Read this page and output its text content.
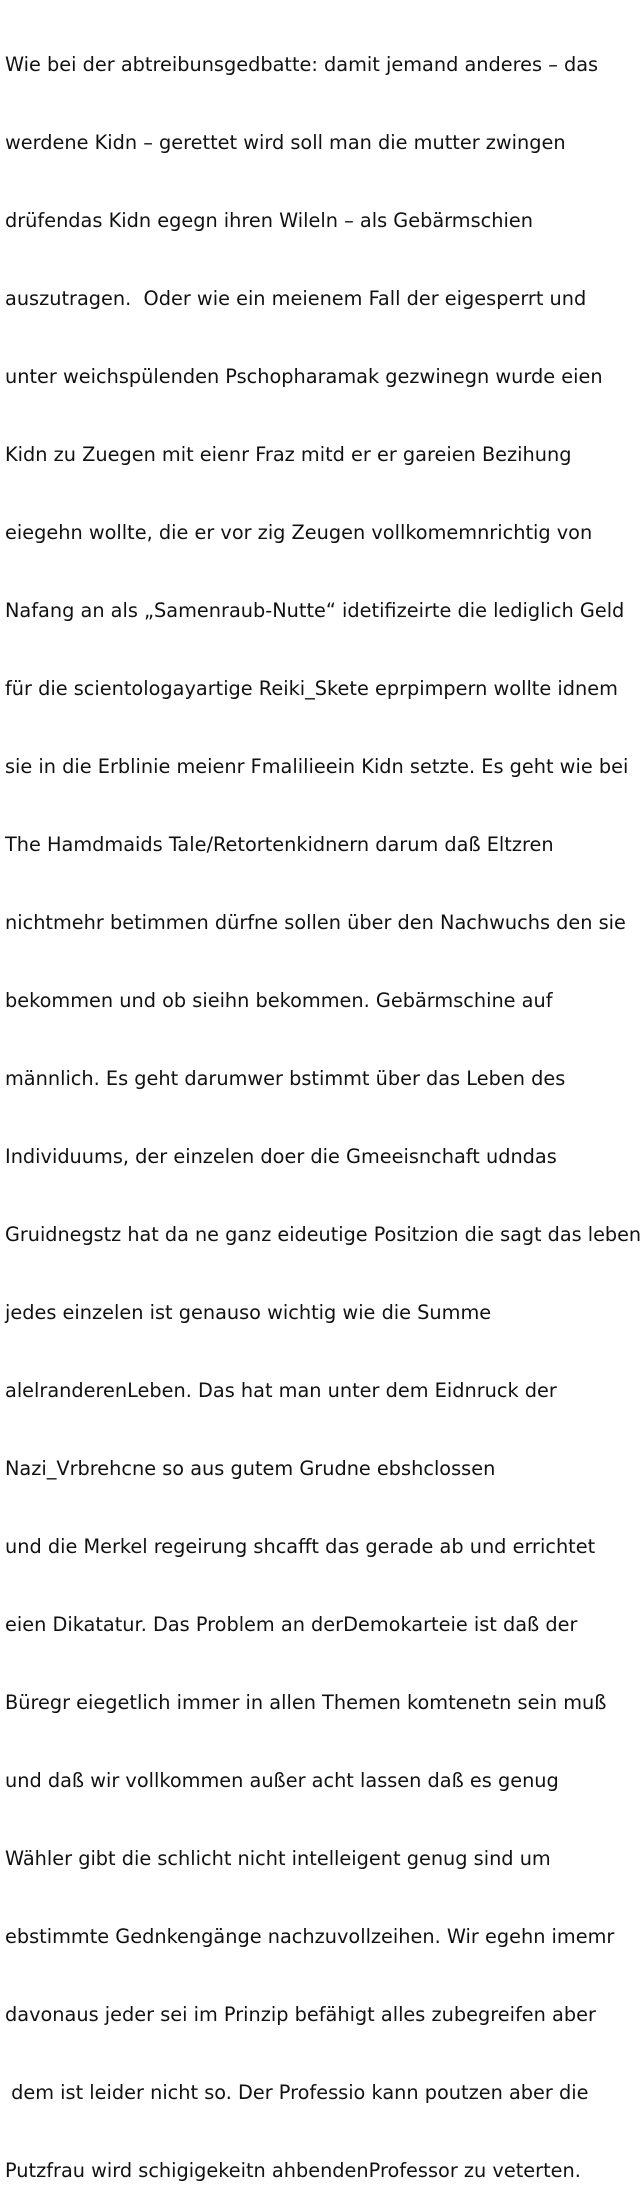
Wie bei der abtreibunsgedbatte: damit jemand anderes – das

werdene Kidn – gerettet wird soll man die mutter zwingen

drüfendas Kidn egegn ihren Wileln – als Gebärmschien

auszutragen.  Oder wie ein meienem Fall der eigesperrt und

unter weichspülenden Pschopharamak gezwinegn wurde eien

Kidn zu Zuegen mit eienr Fraz mitd er er gareien Bezihung

eiegehn wollte, die er vor zig Zeugen vollkomemnrichtig von

Nafang an als „Samenraub-Nutte“ idetifizeirte die lediglich Geld

für die scientologayartige Reiki_Skete eprpimpern wollte idnem

sie in die Erblinie meienr Fmalilieein Kidn setzte. Es geht wie bei

The Hamdmaids Tale/Retortenkidnern darum daß Eltzren

nichtmehr betimmen dürfne sollen über den Nachwuchs den sie

bekommen und ob sieihn bekommen. Gebärmschine auf

männlich. Es geht darumwer bstimmt über das Leben des

Individuums, der einzelen doer die Gmeeisnchaft udndas

Gruidnegstz hat da ne ganz eideutige Positzion die sagt das leben

jedes einzelen ist genauso wichtig wie die Summe

alelranderenLeben. Das hat man unter dem Eidnruck der

Nazi_Vrbrehcne so aus gutem Grudne ebshclossen

und die Merkel regeirung shcafft das gerade ab und errichtet

eien Dikatatur. Das Problem an derDemokarteie ist daß der

Büregr eiegetlich immer in allen Themen komtenetn sein muß

und daß wir vollkommen außer acht lassen daß es genug

Wähler gibt die schlicht nicht intelleigent genug sind um

ebstimmte Gednkengänge nachzuvollzeihen. Wir egehn imemr

davonaus jeder sei im Prinzip befähigt alles zubegreifen aber

dem ist leider nicht so. Der Professio kann poutzen aber die

Putzfrau wird schigigekeitn ahbendenProfessor zu veterten.
